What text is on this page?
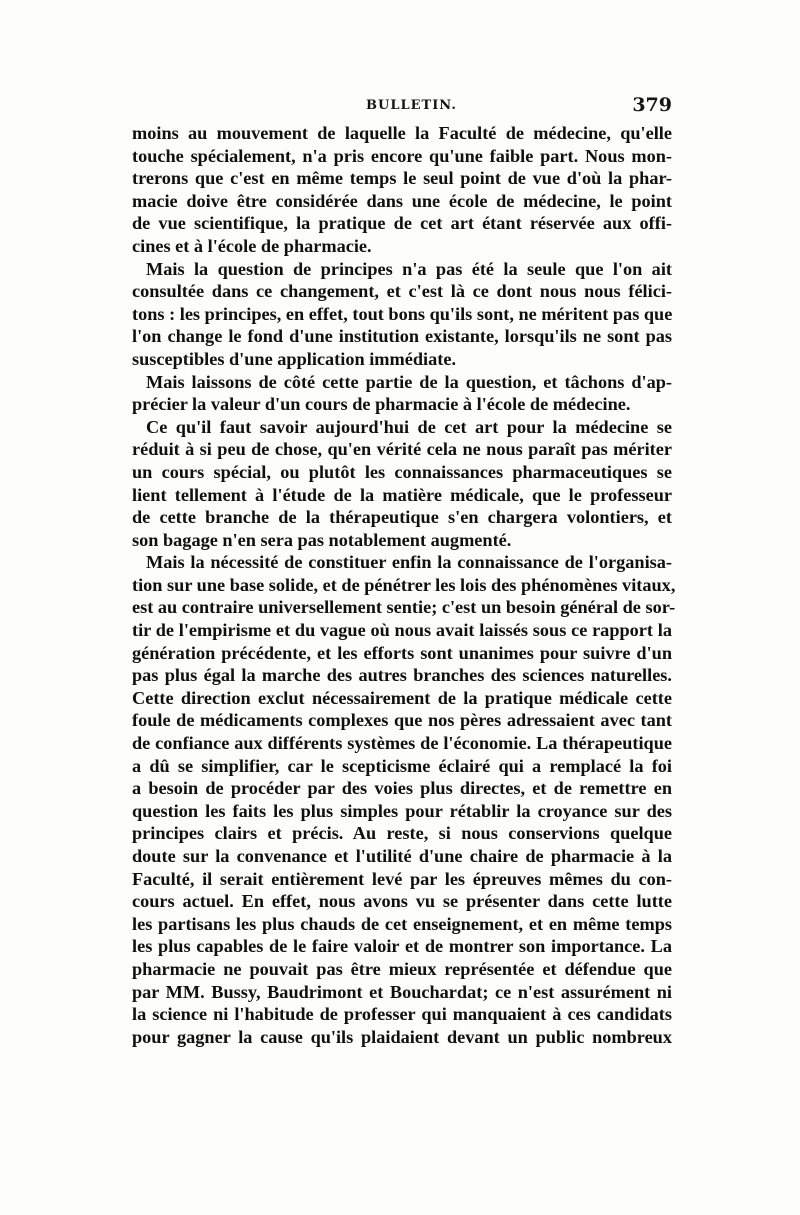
BULLETIN.	379
moins au mouvement de laquelle la Faculté de médecine, qu'elle
touche spécialement, n'a pris encore qu'une faible part. Nous mon-
trerons que c'est en même temps le seul point de vue d'où la phar-
macie doive être considérée dans une école de médecine, le point
de vue scientifique, la pratique de cet art étant réservée aux offi-
cines et à l'école de pharmacie.
Mais la question de principes n'a pas été la seule que l'on ait
consultée dans ce changement, et c'est là ce dont nous nous félici-
tons : les principes, en effet, tout bons qu'ils sont, ne méritent pas que
l'on change le fond d'une institution existante, lorsqu'ils ne sont pas
susceptibles d'une application immédiate.
Mais laissons de côté cette partie de la question, et tâchons d'ap-
précier la valeur d'un cours de pharmacie à l'école de médecine.
Ce qu'il faut savoir aujourd'hui de cet art pour la médecine se
réduit à si peu de chose, qu'en vérité cela ne nous paraît pas mériter
un cours spécial, ou plutôt les connaissances pharmaceutiques se
lient tellement à l'étude de la matière médicale, que le professeur
de cette branche de la thérapeutique s'en chargera volontiers, et
son bagage n'en sera pas notablement augmenté.
Mais la nécessité de constituer enfin la connaissance de l'organisa-
tion sur une base solide, et de pénétrer les lois des phénomènes vitaux,
est au contraire universellement sentie; c'est un besoin général de sor-
tir de l'empirisme et du vague où nous avait laissés sous ce rapport la
génération précédente, et les efforts sont unanimes pour suivre d'un
pas plus égal la marche des autres branches des sciences naturelles.
Cette direction exclut nécessairement de la pratique médicale cette
foule de médicaments complexes que nos pères adressaient avec tant
de confiance aux différents systèmes de l'économie. La thérapeutique
a dû se simplifier, car le scepticisme éclairé qui a remplacé la foi
a besoin de procéder par des voies plus directes, et de remettre en
question les faits les plus simples pour rétablir la croyance sur des
principes clairs et précis. Au reste, si nous conservions quelque
doute sur la convenance et l'utilité d'une chaire de pharmacie à la
Faculté, il serait entièrement levé par les épreuves mêmes du con-
cours actuel. En effet, nous avons vu se présenter dans cette lutte
les partisans les plus chauds de cet enseignement, et en même temps
les plus capables de le faire valoir et de montrer son importance. La
pharmacie ne pouvait pas être mieux représentée et défendue que
par MM. Bussy, Baudrimont et Bouchardat; ce n'est assurément ni
la science ni l'habitude de professer qui manquaient à ces candidats
pour gagner la cause qu'ils plaidaient devant un public nombreux
